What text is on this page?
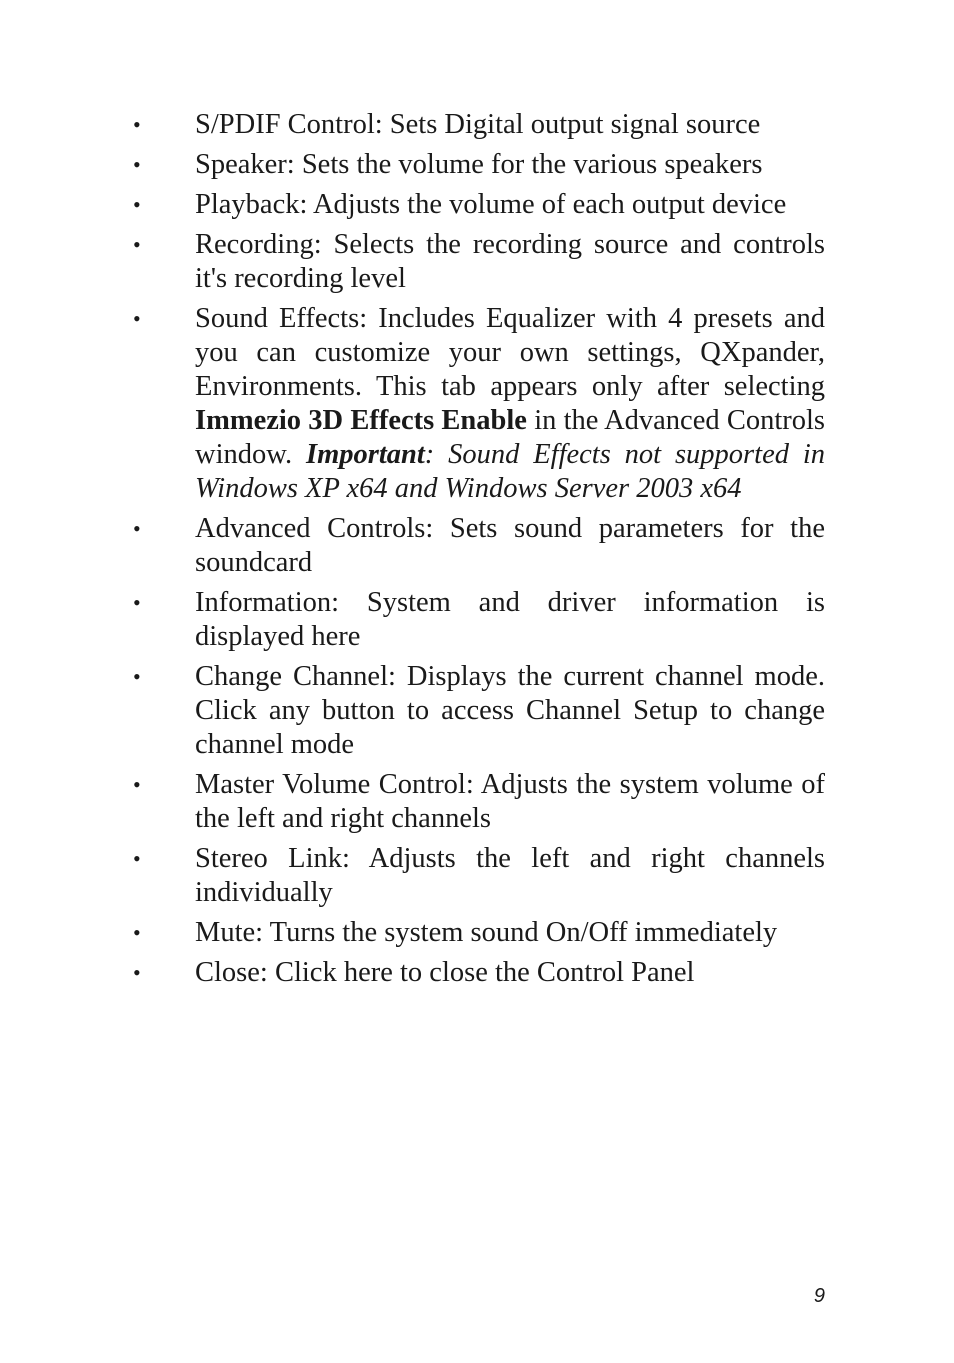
•	S/PDIF Control: Sets Digital output signal source
•	Speaker: Sets the volume for the various speakers
•	Playback: Adjusts the volume of each output device
•	Recording: Selects the recording source and controls it's recording level
•	Sound Effects: Includes Equalizer with 4 presets and you can customize your own settings, QXpander, Environments. This tab appears only after selecting Immezio 3D Effects Enable in the Advanced Controls window. Important: Sound Effects not supported in Windows XP x64 and Windows Server 2003 x64
•	Advanced Controls: Sets sound parameters for the soundcard
•	Information: System and driver information is displayed here
•	Change Channel: Displays the current channel mode. Click any button to access Channel Setup to change channel mode
•	Master Volume Control: Adjusts the system volume of the left and right channels
•	Stereo Link: Adjusts the left and right channels individually
•	Mute: Turns the system sound On/Off immediately
•	Close: Click here to close the Control Panel
9
